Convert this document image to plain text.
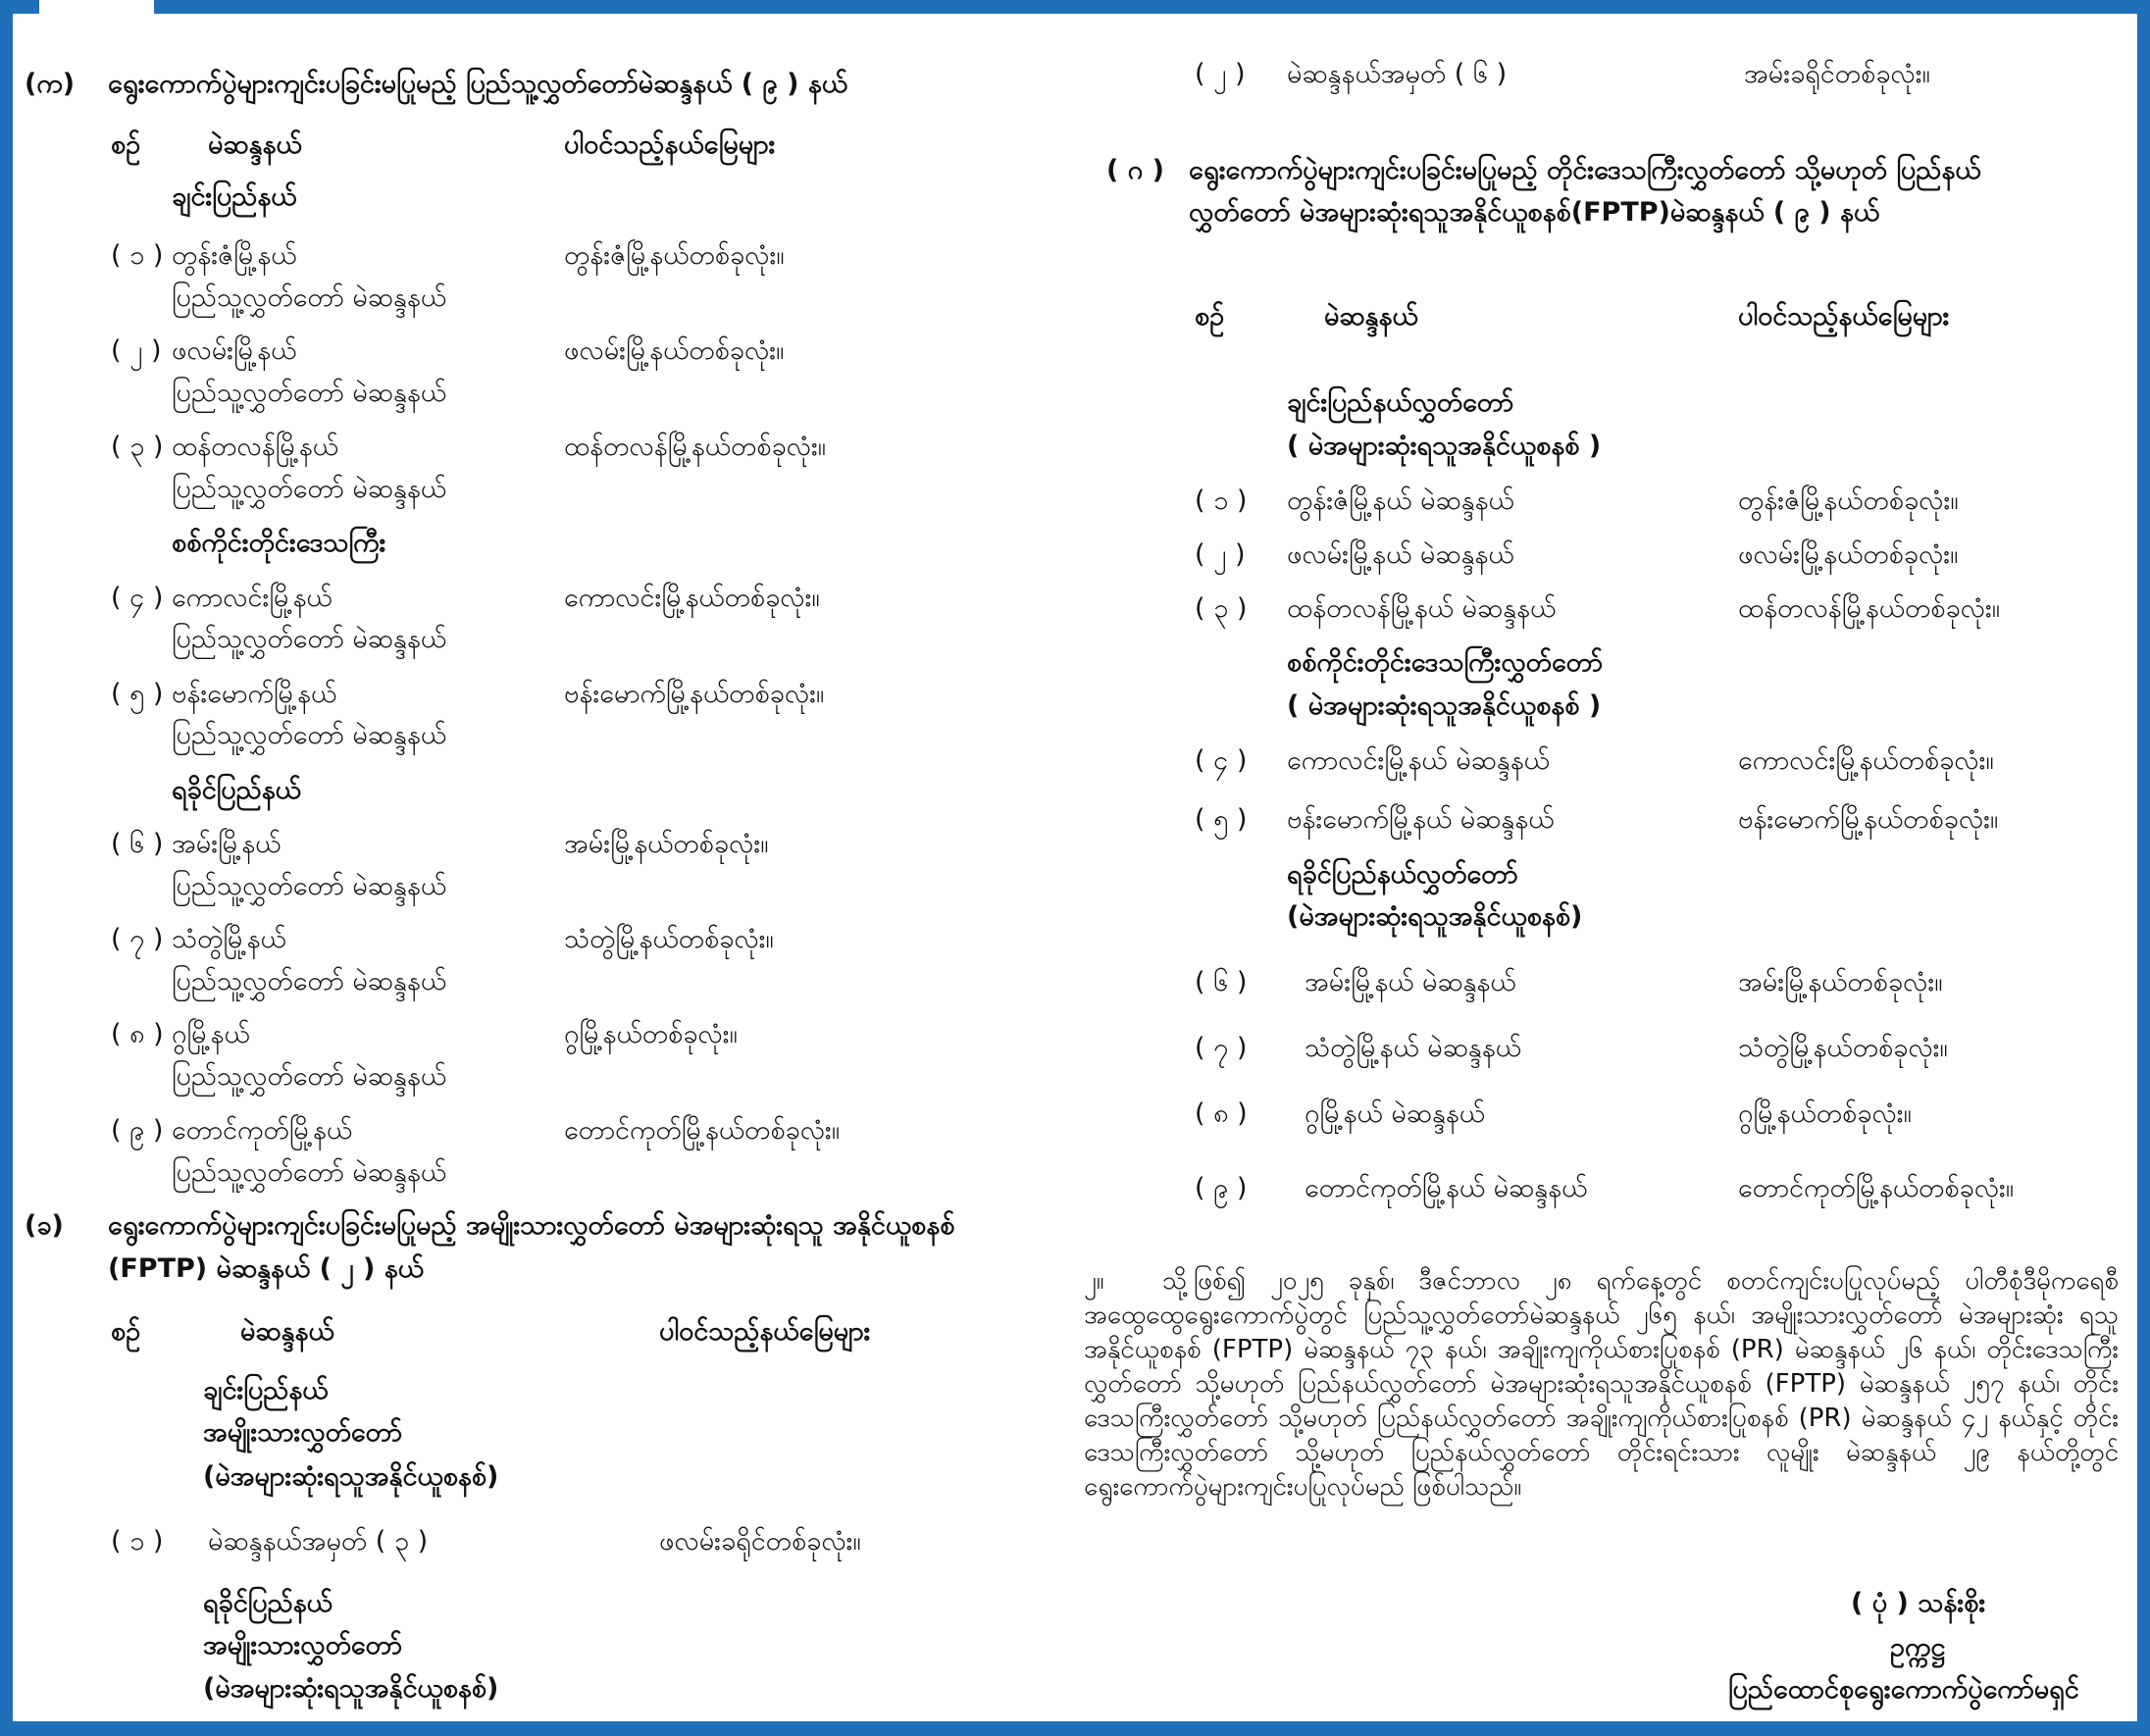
(က) ရွေးကောက်ပွဲများကျင်းပခြင်းမပြုမည့် ပြည်သူ့လွှတ်တော်မဲဆန္ဒနယ် ( ၉ ) နယ်
စဉ်	မဲဆန္ဒနယ်	ပါဝင်သည့်နယ်မြေများ
ချင်းပြည်နယ်
( ၁ ) တွန်းဇံမြို့နယ်	တွန်းဇံမြို့နယ်တစ်ခုလုံး။
ပြည်သူ့လွှတ်တော် မဲဆန္ဒနယ်
( ၂ ) ဖလမ်းမြို့နယ်	ဖလမ်းမြို့နယ်တစ်ခုလုံး။
ပြည်သူ့လွှတ်တော် မဲဆန္ဒနယ်
( ၃ ) ထန်တလန်မြို့နယ်	ထန်တလန်မြို့နယ်တစ်ခုလုံး။
ပြည်သူ့လွှတ်တော် မဲဆန္ဒနယ်
စစ်ကိုင်းတိုင်းဒေသကြီး
( ၄ ) ကောလင်းမြို့နယ်	ကောလင်းမြို့နယ်တစ်ခုလုံး။
ပြည်သူ့လွှတ်တော် မဲဆန္ဒနယ်
( ၅ ) ဗန်းမောက်မြို့နယ်	ဗန်းမောက်မြို့နယ်တစ်ခုလုံး။
ပြည်သူ့လွှတ်တော် မဲဆန္ဒနယ်
ရခိုင်ပြည်နယ်
( ၆ ) အမ်းမြို့နယ်	အမ်းမြို့နယ်တစ်ခုလုံး။
ပြည်သူ့လွှတ်တော် မဲဆန္ဒနယ်
( ၇ ) သံတွဲမြို့နယ်	သံတွဲမြို့နယ်တစ်ခုလုံး။
ပြည်သူ့လွှတ်တော် မဲဆန္ဒနယ်
( ၈ ) ဂွမြို့နယ်	ဂွမြို့နယ်တစ်ခုလုံး။
ပြည်သူ့လွှတ်တော် မဲဆန္ဒနယ်
( ၉ ) တောင်ကုတ်မြို့နယ်	တောင်ကုတ်မြို့နယ်တစ်ခုလုံး။
ပြည်သူ့လွှတ်တော် မဲဆန္ဒနယ်
(ခ) ရွေးကောက်ပွဲများကျင်းပခြင်းမပြုမည့် အမျိုးသားလွှတ်တော် မဲအများဆုံးရသူ အနိုင်ယူစနစ်
(FPTP) မဲဆန္ဒနယ် ( ၂ ) နယ်
စဉ်	မဲဆန္ဒနယ်	ပါဝင်သည့်နယ်မြေများ
ချင်းပြည်နယ်
အမျိုးသားလွှတ်တော်
(မဲအများဆုံးရသူအနိုင်ယူစနစ်)
( ၁ ) မဲဆန္ဒနယ်အမှတ် ( ၃ )	ဖလမ်းခရိုင်တစ်ခုလုံး။
ရခိုင်ပြည်နယ်
အမျိုးသားလွှတ်တော်
(မဲအများဆုံးရသူအနိုင်ယူစနစ်)
( ၂ ) မဲဆန္ဒနယ်အမှတ် ( ၆ )	အမ်းခရိုင်တစ်ခုလုံး။
( ဂ ) ရွေးကောက်ပွဲများကျင်းပခြင်းမပြုမည့် တိုင်းဒေသကြီးလွှတ်တော် သို့မဟုတ် ပြည်နယ်
လွှတ်တော် မဲအများဆုံးရသူအနိုင်ယူစနစ်(FPTP)မဲဆန္ဒနယ် ( ၉ ) နယ်
စဉ်	မဲဆန္ဒနယ်	ပါဝင်သည့်နယ်မြေများ
ချင်းပြည်နယ်လွှတ်တော်
( မဲအများဆုံးရသူအနိုင်ယူစနစ် )
( ၁ ) တွန်းဇံမြို့နယ် မဲဆန္ဒနယ်	တွန်းဇံမြို့နယ်တစ်ခုလုံး။
( ၂ ) ဖလမ်းမြို့နယ် မဲဆန္ဒနယ်	ဖလမ်းမြို့နယ်တစ်ခုလုံး။
( ၃ ) ထန်တလန်မြို့နယ် မဲဆန္ဒနယ်	ထန်တလန်မြို့နယ်တစ်ခုလုံး။
စစ်ကိုင်းတိုင်းဒေသကြီးလွှတ်တော်
( မဲအများဆုံးရသူအနိုင်ယူစနစ် )
( ၄ ) ကောလင်းမြို့နယ် မဲဆန္ဒနယ်	ကောလင်းမြို့နယ်တစ်ခုလုံး။
( ၅ ) ဗန်းမောက်မြို့နယ် မဲဆန္ဒနယ်	ဗန်းမောက်မြို့နယ်တစ်ခုလုံး။
ရခိုင်ပြည်နယ်လွှတ်တော်
(မဲအများဆုံးရသူအနိုင်ယူစနစ်)
( ၆ ) အမ်းမြို့နယ် မဲဆန္ဒနယ်	အမ်းမြို့နယ်တစ်ခုလုံး။
( ၇ ) သံတွဲမြို့နယ် မဲဆန္ဒနယ်	သံတွဲမြို့နယ်တစ်ခုလုံး။
( ၈ ) ဂွမြို့နယ် မဲဆန္ဒနယ်	ဂွမြို့နယ်တစ်ခုလုံး။
( ၉ ) တောင်ကုတ်မြို့နယ် မဲဆန္ဒနယ်	တောင်ကုတ်မြို့နယ်တစ်ခုလုံး။

၂။ သို့ဖြစ်၍ ၂၀၂၅ ခုနှစ်၊ ဒီဇင်ဘာလ ၂၈ ရက်နေ့တွင် စတင်ကျင်းပပြုလုပ်မည့် ပါတီစုံဒီမိုကရေစီ အထွေထွေရွေးကောက်ပွဲတွင် ပြည်သူ့လွှတ်တော်မဲဆန္ဒနယ် ၂၆၅ နယ်၊ အမျိုးသားလွှတ်တော် မဲအများဆုံး ရသူအနိုင်ယူစနစ် (FPTP) မဲဆန္ဒနယ် ၇၃ နယ်၊ အချိုးကျကိုယ်စားပြုစနစ် (PR) မဲဆန္ဒနယ် ၂၆ နယ်၊ တိုင်းဒေသကြီးလွှတ်တော် သို့မဟုတ် ပြည်နယ်လွှတ်တော် မဲအများဆုံးရသူအနိုင်ယူစနစ် (FPTP) မဲဆန္ဒနယ် ၂၅၇ နယ်၊ တိုင်းဒေသကြီးလွှတ်တော် သို့မဟုတ် ပြည်နယ်လွှတ်တော် အချိုးကျကိုယ်စားပြုစနစ် (PR) မဲဆန္ဒနယ် ၄၂ နယ်နှင့် တိုင်းဒေသကြီးလွှတ်တော် သို့မဟုတ် ပြည်နယ်လွှတ်တော် တိုင်းရင်းသား လူမျိုး မဲဆန္ဒနယ် ၂၉ နယ်တို့တွင် ရွေးကောက်ပွဲများကျင်းပပြုလုပ်မည် ဖြစ်ပါသည်။

( ပုံ ) သန်းစိုး
ဥက္ကဋ္ဌ
ပြည်ထောင်စုရွေးကောက်ပွဲကော်မရှင်
